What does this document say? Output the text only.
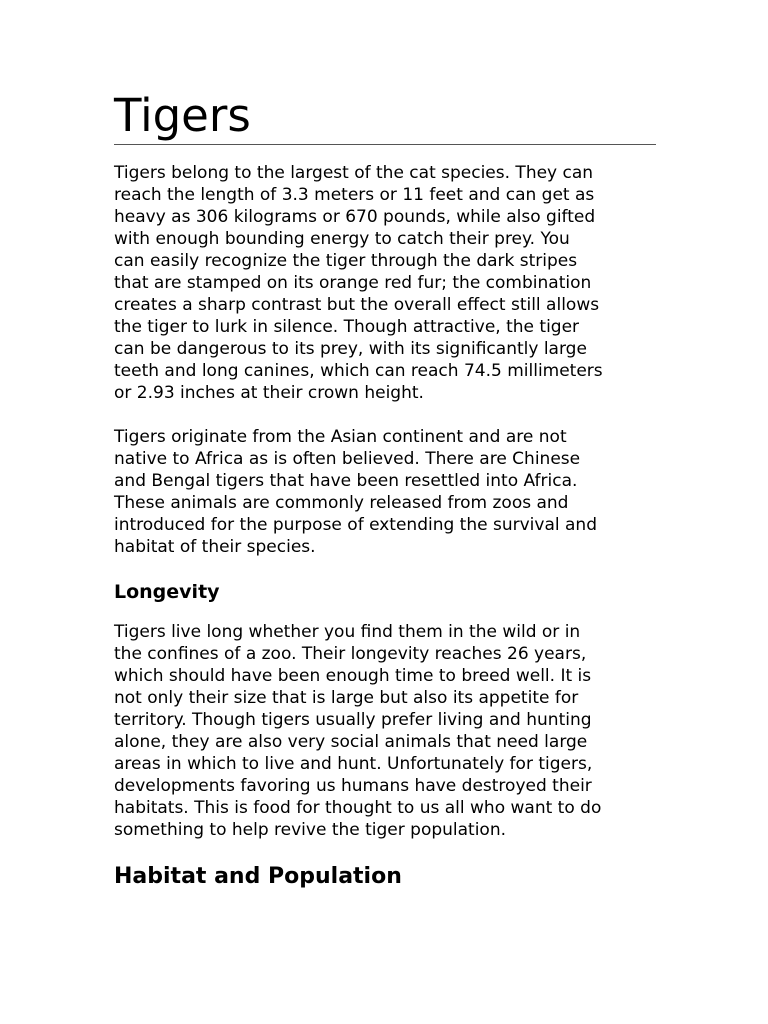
Tigers

Tigers belong to the largest of the cat species. They can
reach the length of 3.3 meters or 11 feet and can get as
heavy as 306 kilograms or 670 pounds, while also gifted
with enough bounding energy to catch their prey. You
can easily recognize the tiger through the dark stripes
that are stamped on its orange red fur; the combination
creates a sharp contrast but the overall effect still allows
the tiger to lurk in silence. Though attractive, the tiger
can be dangerous to its prey, with its significantly large
teeth and long canines, which can reach 74.5 millimeters
or 2.93 inches at their crown height.

Tigers originate from the Asian continent and are not
native to Africa as is often believed. There are Chinese
and Bengal tigers that have been resettled into Africa.
These animals are commonly released from zoos and
introduced for the purpose of extending the survival and
habitat of their species.

Longevity

Tigers live long whether you find them in the wild or in
the confines of a zoo. Their longevity reaches 26 years,
which should have been enough time to breed well. It is
not only their size that is large but also its appetite for
territory. Though tigers usually prefer living and hunting
alone, they are also very social animals that need large
areas in which to live and hunt. Unfortunately for tigers,
developments favoring us humans have destroyed their
habitats. This is food for thought to us all who want to do
something to help revive the tiger population.

Habitat and Population
